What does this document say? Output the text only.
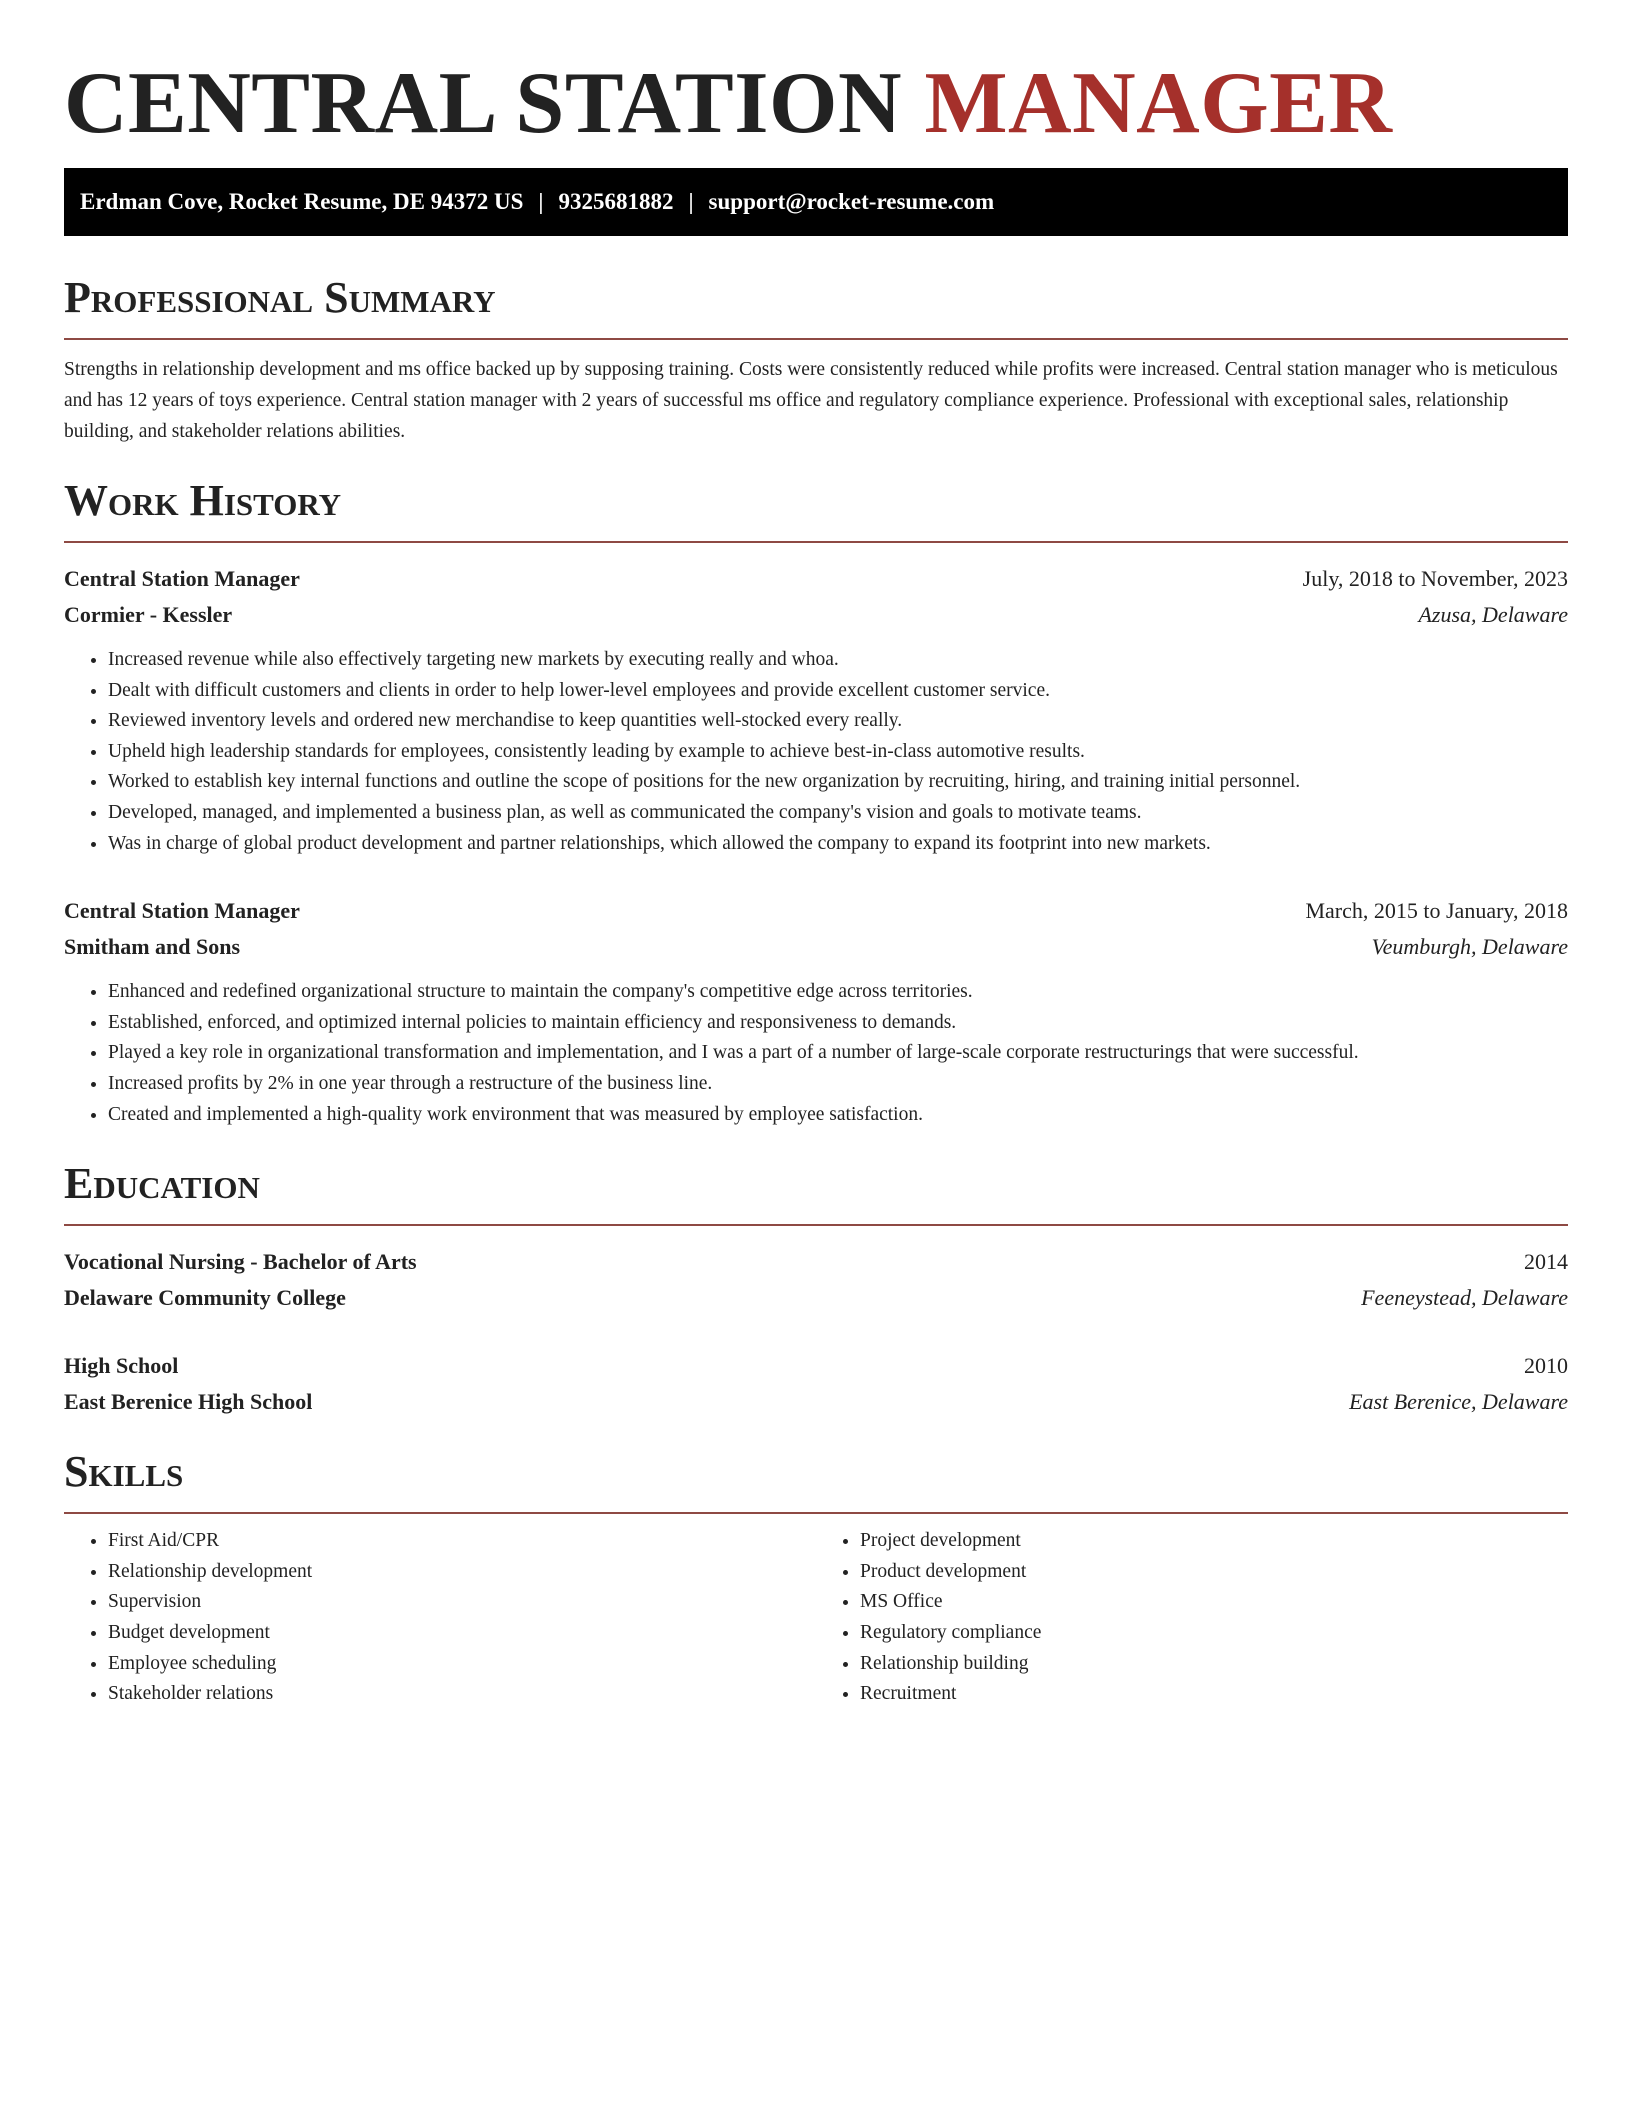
CENTRAL STATION MANAGER
Erdman Cove, Rocket Resume, DE 94372 US | 9325681882 | support@rocket-resume.com
Professional Summary

Strengths in relationship development and ms office backed up by supposing training. Costs were consistently reduced while profits were increased. Central station manager who is meticulous and has 12 years of toys experience. Central station manager with 2 years of successful ms office and regulatory compliance experience. Professional with exceptional sales, relationship building, and stakeholder relations abilities.

Work History
Central Station Manager	July, 2018 to November, 2023
Cormier - Kessler	Azusa, Delaware
• Increased revenue while also effectively targeting new markets by executing really and whoa.
• Dealt with difficult customers and clients in order to help lower-level employees and provide excellent customer service.
• Reviewed inventory levels and ordered new merchandise to keep quantities well-stocked every really.
• Upheld high leadership standards for employees, consistently leading by example to achieve best-in-class automotive results.
• Worked to establish key internal functions and outline the scope of positions for the new organization by recruiting, hiring, and training initial personnel.
• Developed, managed, and implemented a business plan, as well as communicated the company's vision and goals to motivate teams.
• Was in charge of global product development and partner relationships, which allowed the company to expand its footprint into new markets.
Central Station Manager	March, 2015 to January, 2018
Smitham and Sons	Veumburgh, Delaware
• Enhanced and redefined organizational structure to maintain the company's competitive edge across territories.
• Established, enforced, and optimized internal policies to maintain efficiency and responsiveness to demands.
• Played a key role in organizational transformation and implementation, and I was a part of a number of large-scale corporate restructurings that were successful.
• Increased profits by 2% in one year through a restructure of the business line.
• Created and implemented a high-quality work environment that was measured by employee satisfaction.
Education
Vocational Nursing - Bachelor of Arts	2014
Delaware Community College	Feeneystead, Delaware
High School	2010
East Berenice High School	East Berenice, Delaware
Skills
• First Aid/CPR
• Relationship development
• Supervision
• Budget development
• Employee scheduling
• Stakeholder relations
• Project development
• Product development
• MS Office
• Regulatory compliance
• Relationship building
• Recruitment
